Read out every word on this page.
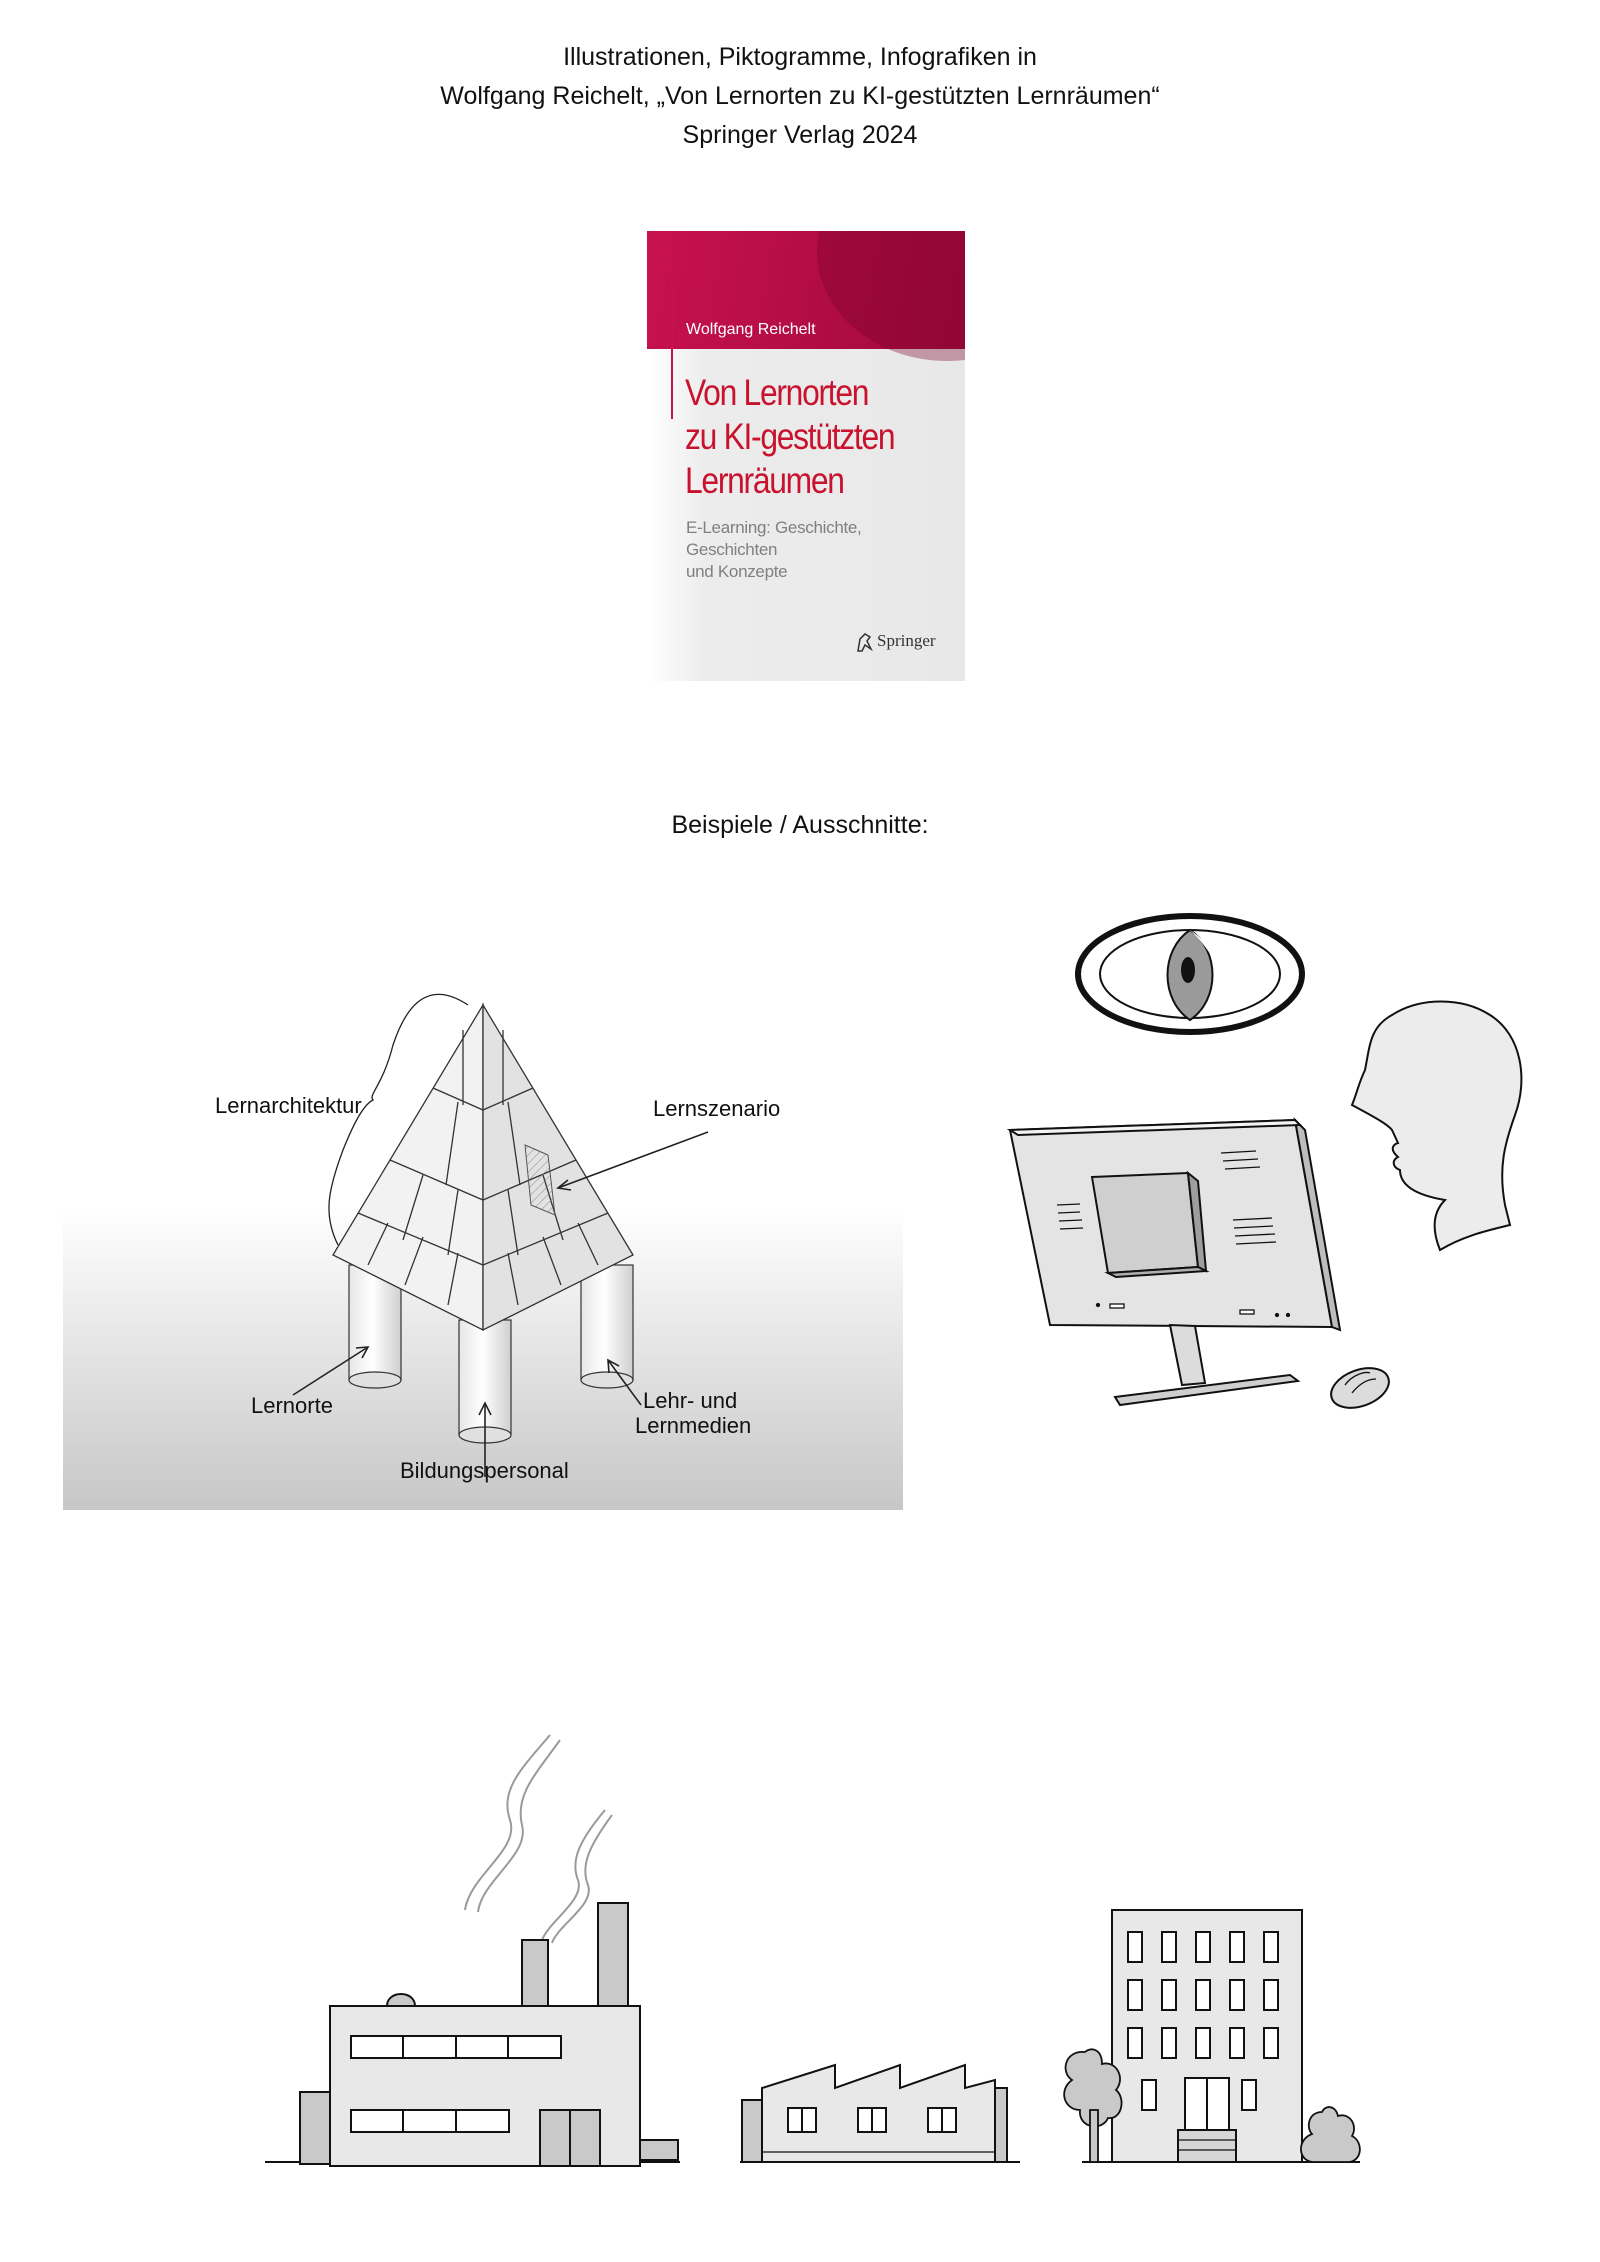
Illustrationen, Piktogramme, Infografiken in
Wolfgang Reichelt, „Von Lernorten zu KI-gestützten Lernräumen“
Springer Verlag 2024
Wolfgang Reichelt
Von Lernorten
zu KI-gestützten
Lernräumen
E-Learning: Geschichte, Geschichten
und Konzepte
Springer
Beispiele / Ausschnitte:
Lernarchitektur	Lernszenario
Lernorte	Lehr- und
Lernmedien
Bildungspersonal
